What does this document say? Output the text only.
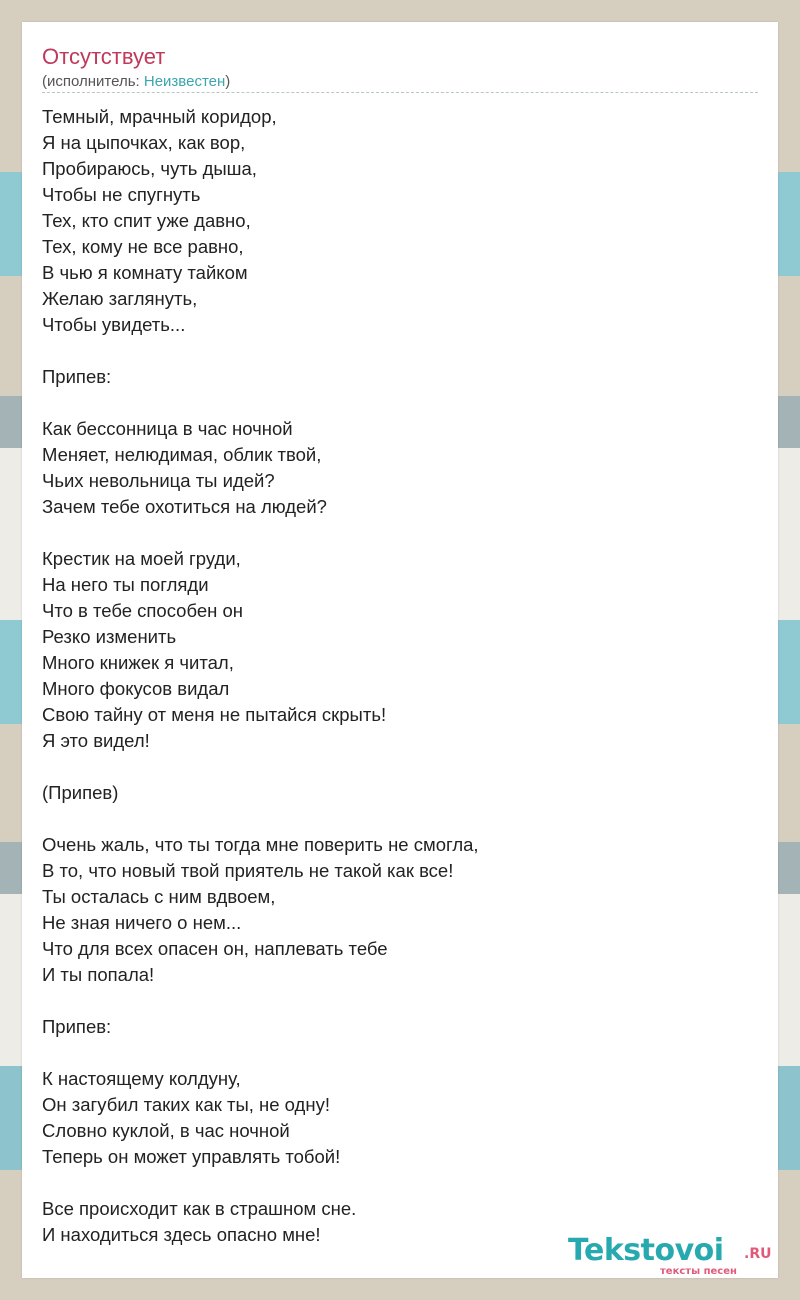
Отсутствует
(исполнитель: Неизвестен)
Темный, мрачный коридор,
Я на цыпочках, как вор,
Пробираюсь, чуть дыша,
Чтобы не спугнуть
Тех, кто спит уже давно,
Тех, кому не все равно,
В чью я комнату тайком
Желаю заглянуть,
Чтобы увидеть...
Припев:
Как бессонница в час ночной
Меняет, нелюдимая, облик твой,
Чьих невольница ты идей?
Зачем тебе охотиться на людей?
Крестик на моей груди,
На него ты погляди
Что в тебе способен он
Резко изменить
Много книжек я читал,
Много фокусов видал
Свою тайну от меня не пытайся скрыть!
Я это видел!
(Припев)
Очень жаль, что ты тогда мне поверить не смогла,
В то, что новый твой приятель не такой как все!
Ты осталась с ним вдвоем,
Не зная ничего о нем...
Что для всех опасен он, наплевать тебе
И ты попала!
Припев:
К настоящему колдуну,
Он загубил таких как ты, не одну!
Словно куклой, в час ночной
Теперь он может управлять тобой!
Все происходит как в страшном сне.
И находиться здесь опасно мне!	Tekstovoi .RU
тексты песен
